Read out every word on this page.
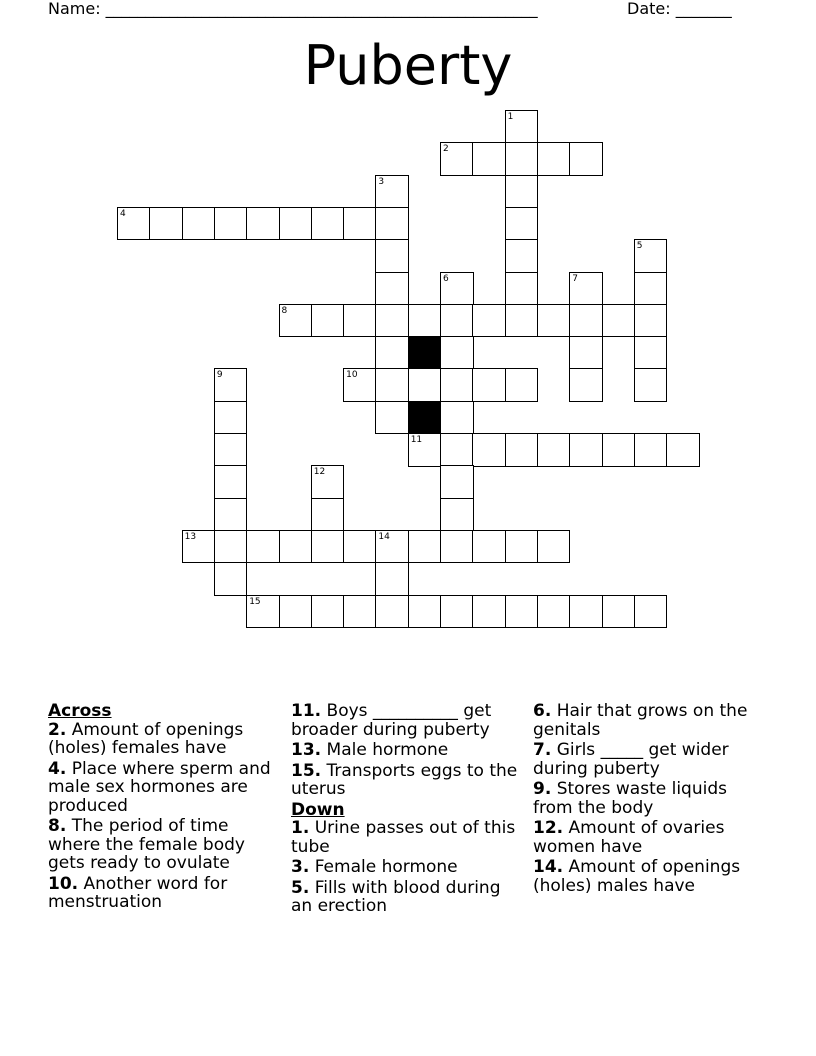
Name: ______________________________________________________	Date: _______
Puberty
1
2
3
4
5
6	7
8
9	10
11
12
13	14
15
Across
2. Amount of openings (holes) females have
4. Place where sperm and male sex hormones are produced
8. The period of time where the female body gets ready to ovulate
10. Another word for menstruation
11. Boys __________ get broader during puberty
13. Male hormone
15. Transports eggs to the uterus
Down
1. Urine passes out of this tube
3. Female hormone
5. Fills with blood during an erection
6. Hair that grows on the genitals
7. Girls _____ get wider during puberty
9. Stores waste liquids from the body
12. Amount of ovaries women have
14. Amount of openings (holes) males have
